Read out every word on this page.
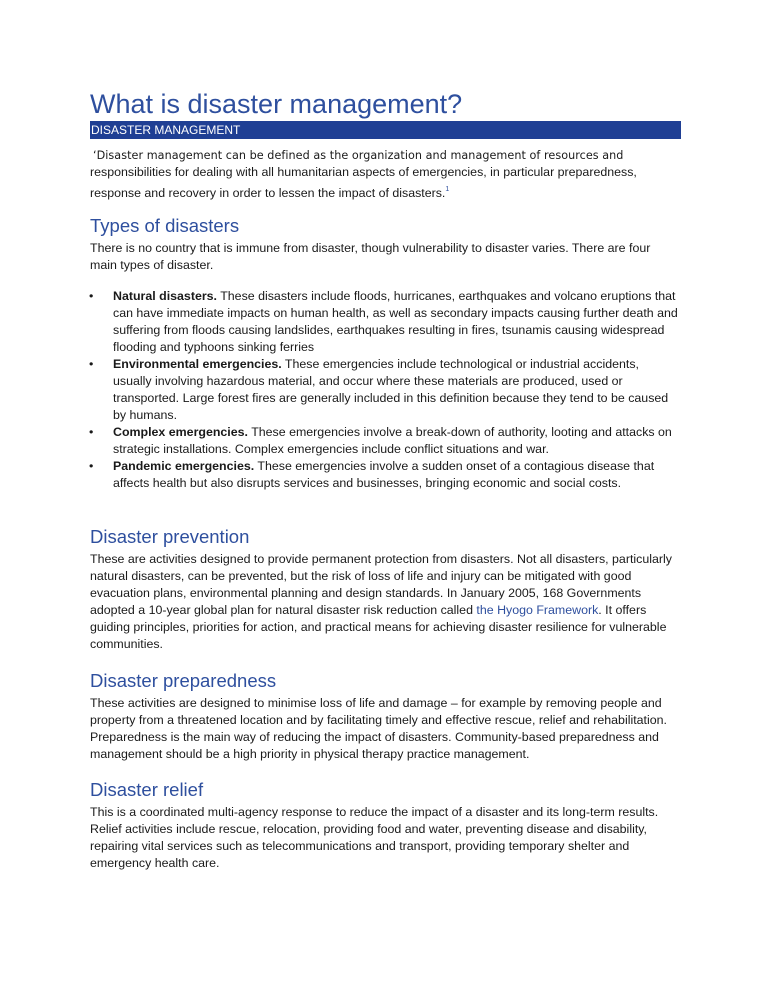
What is disaster management?
DISASTER MANAGEMENT
‘Disaster management can be defined as the organization and management of resources and
responsibilities for dealing with all humanitarian aspects of emergencies, in particular preparedness, response and recovery in order to lessen the impact of disasters.$^1$
Types of disasters
There is no country that is immune from disaster, though vulnerability to disaster varies. There are four main types of disaster.
• Natural disasters. These disasters include floods, hurricanes, earthquakes and volcano eruptions that can have immediate impacts on human health, as well as secondary impacts causing further death and suffering from floods causing landslides, earthquakes resulting in fires, tsunamis causing widespread flooding and typhoons sinking ferries
• Environmental emergencies. These emergencies include technological or industrial accidents, usually involving hazardous material, and occur where these materials are produced, used or transported. Large forest fires are generally included in this definition because they tend to be caused by humans.
• Complex emergencies. These emergencies involve a break-down of authority, looting and attacks on strategic installations. Complex emergencies include conflict situations and war.
• Pandemic emergencies. These emergencies involve a sudden onset of a contagious disease that affects health but also disrupts services and businesses, bringing economic and social costs.
Disaster prevention
These are activities designed to provide permanent protection from disasters. Not all disasters, particularly natural disasters, can be prevented, but the risk of loss of life and injury can be mitigated with good evacuation plans, environmental planning and design standards. In January 2005, 168 Governments adopted a 10-year global plan for natural disaster risk reduction called the Hyogo Framework. It offers guiding principles, priorities for action, and practical means for achieving disaster resilience for vulnerable communities.
Disaster preparedness
These activities are designed to minimise loss of life and damage – for example by removing people and property from a threatened location and by facilitating timely and effective rescue, relief and rehabilitation. Preparedness is the main way of reducing the impact of disasters. Community-based preparedness and management should be a high priority in physical therapy practice management.
Disaster relief
This is a coordinated multi-agency response to reduce the impact of a disaster and its long-term results. Relief activities include rescue, relocation, providing food and water, preventing disease and disability, repairing vital services such as telecommunications and transport, providing temporary shelter and emergency health care.
